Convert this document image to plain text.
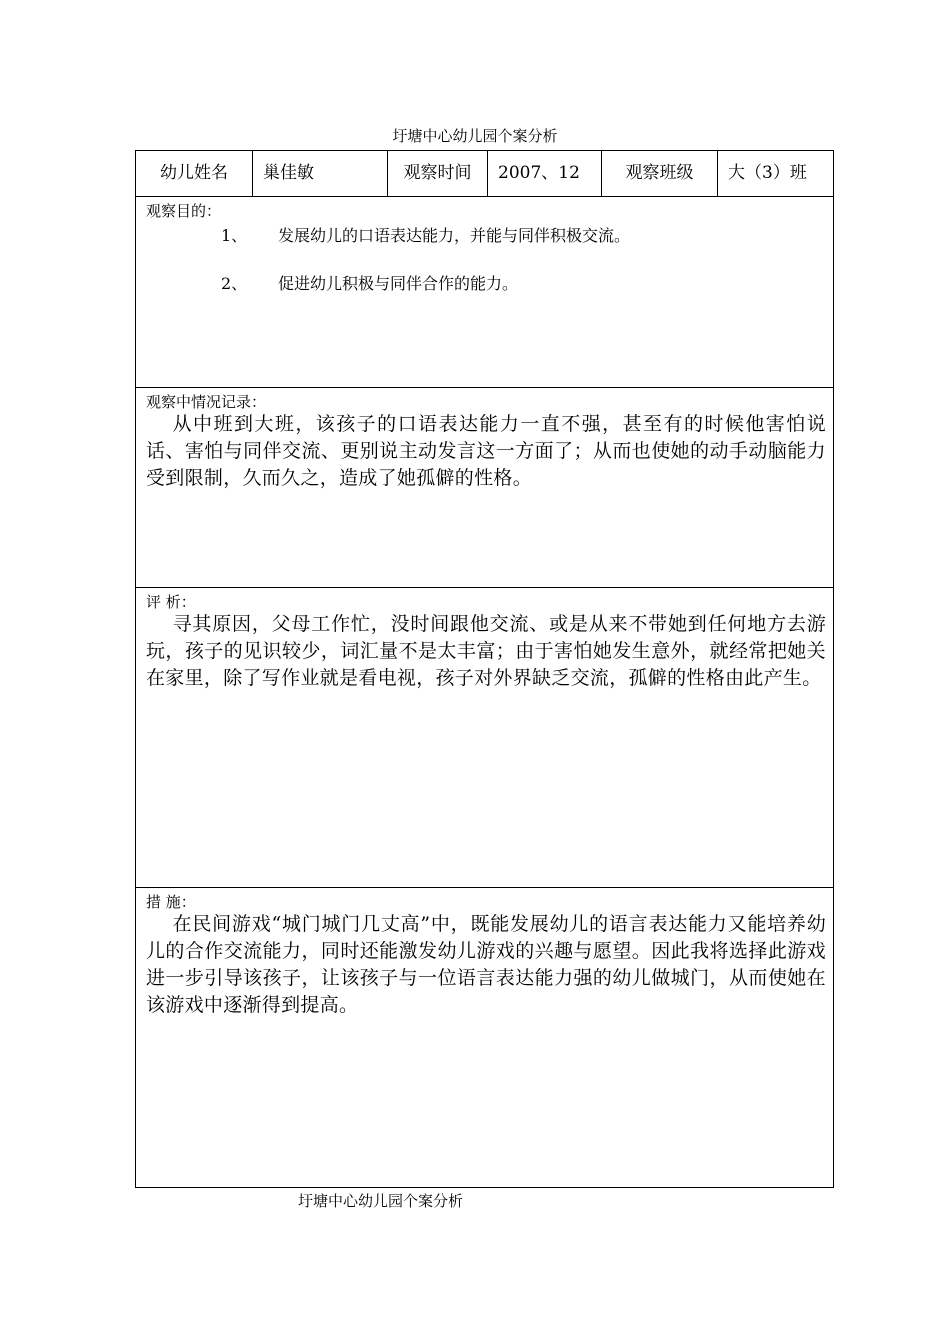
圩塘中心幼儿园个案分析
幼儿姓名	巢佳敏	观察时间	2007、12	观察班级	大（3）班
观察目的：
1、 发展幼儿的口语表达能力，并能与同伴积极交流。
2、 促进幼儿积极与同伴合作的能力。
观察中情况记录：
从中班到大班，该孩子的口语表达能力一直不强，甚至有的时候他害怕说话、害怕与同伴交流、更别说主动发言这一方面了；从而也使她的动手动脑能力受到限制，久而久之，造成了她孤僻的性格。
评 析：
寻其原因，父母工作忙，没时间跟他交流、或是从来不带她到任何地方去游玩，孩子的见识较少，词汇量不是太丰富；由于害怕她发生意外，就经常把她关在家里，除了写作业就是看电视，孩子对外界缺乏交流，孤僻的性格由此产生。
措 施：
在民间游戏“城门城门几丈高”中，既能发展幼儿的语言表达能力又能培养幼儿的合作交流能力，同时还能激发幼儿游戏的兴趣与愿望。因此我将选择此游戏进一步引导该孩子，让该孩子与一位语言表达能力强的幼儿做城门，从而使她在该游戏中逐渐得到提高。
圩塘中心幼儿园个案分析
